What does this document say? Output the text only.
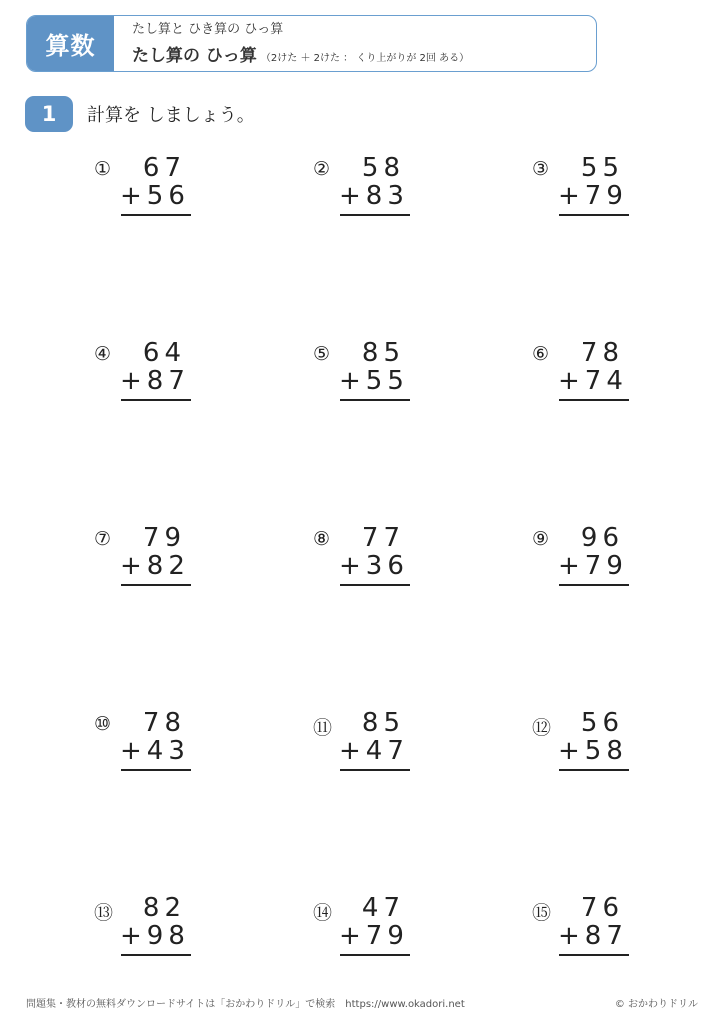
算数
たし算と ひき算の ひっ算
たし算の ひっ算 （2けた ＋ 2けた ： くり上がりが 2回 ある）
1	計算を しましょう。
①	67
+56
②	58
+83
③	55
+79
④	64
+87
⑤	85
+55
⑥	78
+74
⑦	79
+82
⑧	77
+36
⑨	96
+79
⑩	78
+43
⑪	85
+47
⑫	56
+58
⑬	82
+98
⑭	47
+79
⑮	76
+87
問題集・教材の無料ダウンロードサイトは「おかわりドリル」で検索　https://www.okadori.net	© おかわりドリル
